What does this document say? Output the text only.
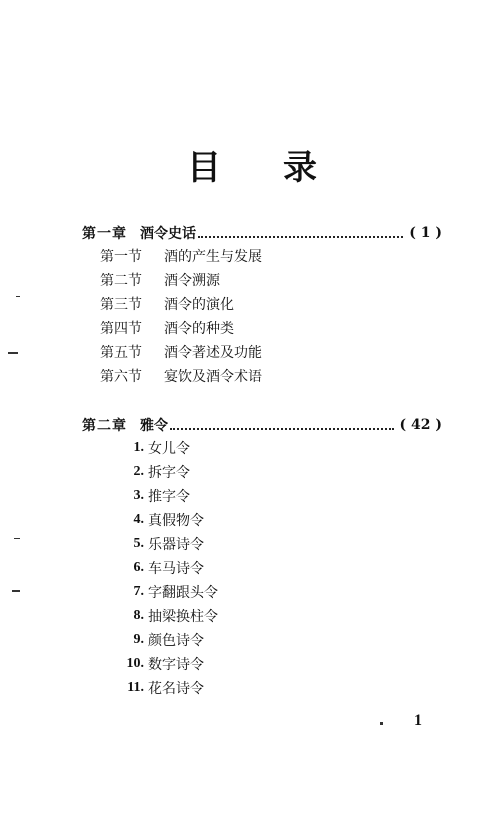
目 录
第一章 酒令史话	( 1 )
第一节	酒的产生与发展
第二节	酒令溯源
第三节	酒令的演化
第四节	酒令的种类
第五节	酒令著述及功能
第六节	宴饮及酒令术语
第二章 雅令	( 42 )
1. 女儿令
2. 拆字令
3. 推字令
4. 真假物令
5. 乐器诗令
6. 车马诗令
7. 字翻跟头令
8. 抽梁换柱令
9. 颜色诗令
10. 数字诗令
11. 花名诗令
1
